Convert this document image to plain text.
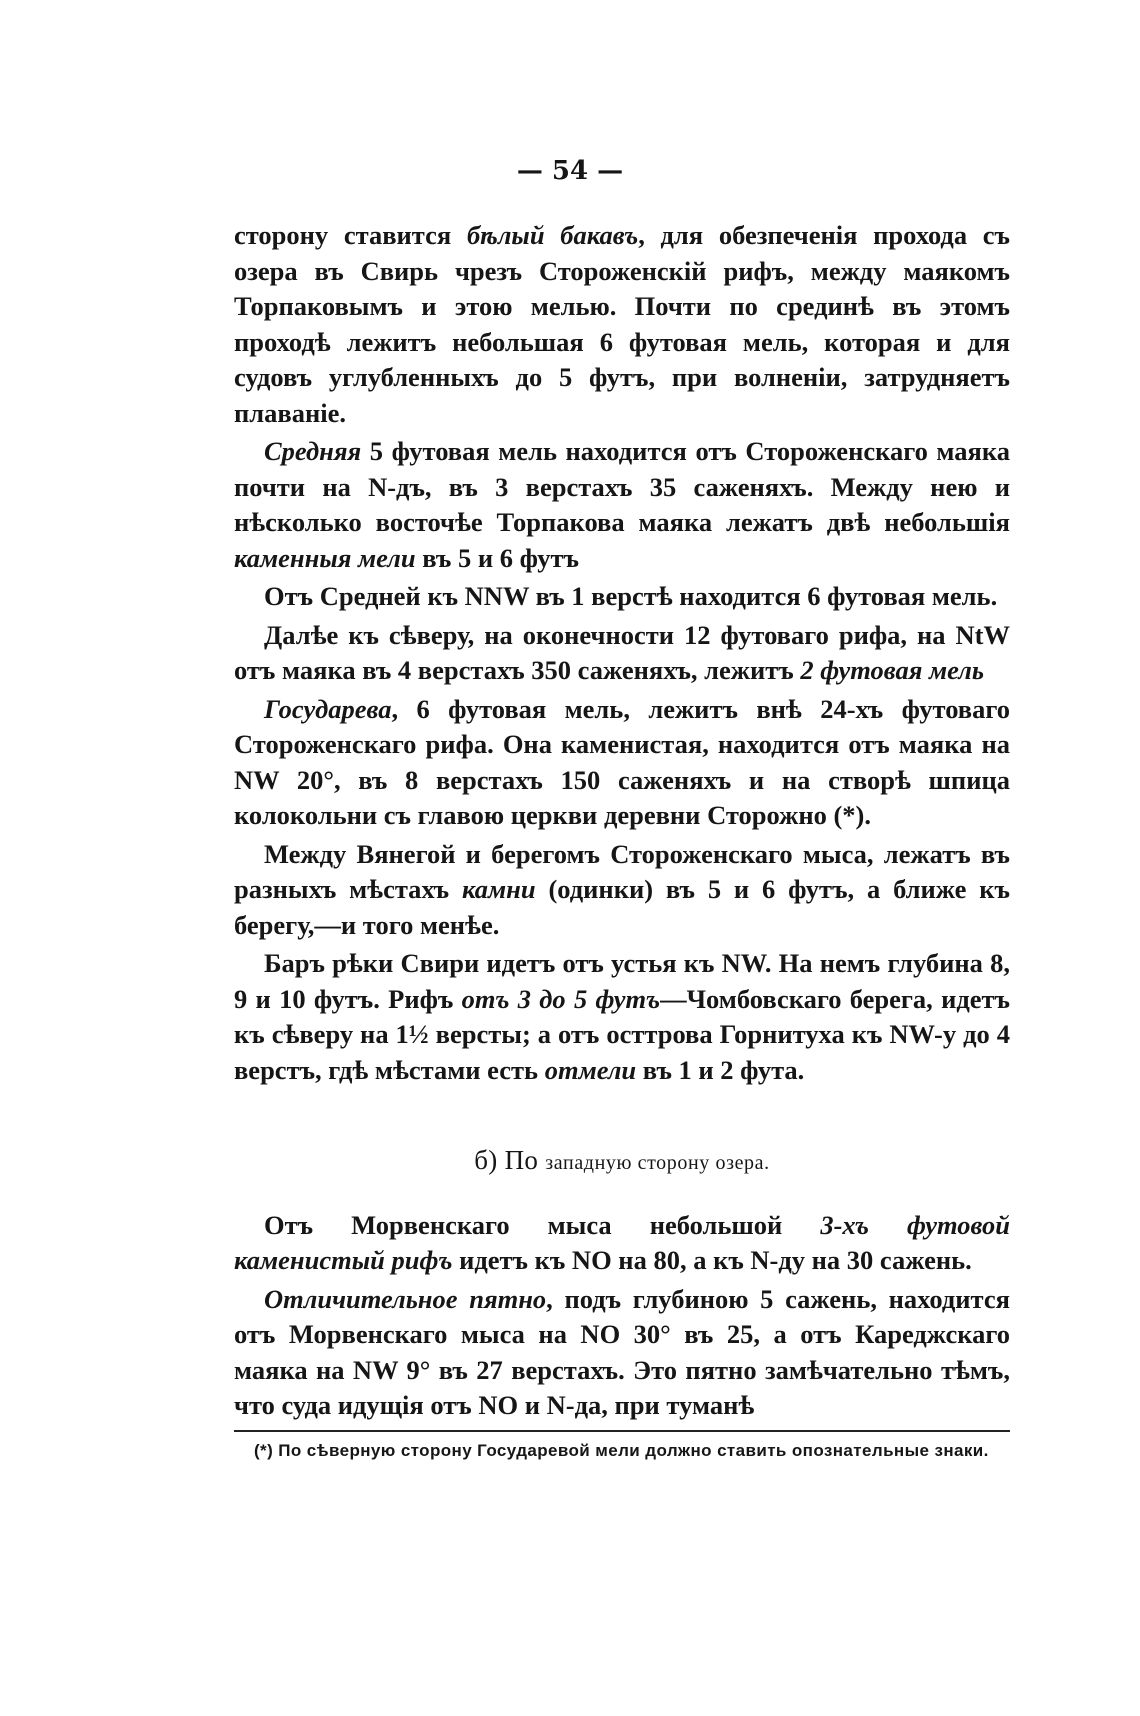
— 54 —

сторону ставится бѣлый бакавъ, для обезпеченія прохода съ озера въ Свирь чрезъ Стороженскій рифъ, между маякомъ Торпаковымъ и этою мелью. Почти по срединѣ въ этомъ проходѣ лежитъ небольшая 6 футовая мель, которая и для судовъ углубленныхъ до 5 футъ, при волненіи, затрудняетъ плаваніе.

Средняя 5 футовая мель находится отъ Стороженскаго маяка почти на N-дъ, въ 3 верстахъ 35 саженяхъ. Между нею и нѣсколько восточѣе Торпакова маяка лежатъ двѣ небольшія каменныя мели въ 5 и 6 футъ

Отъ Средней къ NNW въ 1 верстѣ находится 6 футовая мель.

Далѣе къ сѣверу, на оконечности 12 футоваго рифа, на NtW отъ маяка въ 4 верстахъ 350 саженяхъ, лежитъ 2 футовая мель

Государева, 6 футовая мель, лежитъ внѣ 24-хъ футоваго Стороженскаго рифа. Она каменистая, находится отъ маяка на NW 20°, въ 8 верстахъ 150 саженяхъ и на створѣ шпица колокольни съ главою церкви деревни Сторожно (*).

Между Вянегой и берегомъ Стороженскаго мыса, лежатъ въ разныхъ мѣстахъ камни (одинки) въ 5 и 6 футъ, а ближе къ берегу,—и того менѣе.

Баръ рѣки Свири идетъ отъ устья къ NW. На немъ глубина 8, 9 и 10 футъ. Рифъ отъ 3 до 5 футъ—Чомбовскаго берега, идетъ къ сѣверу на 1½ версты; а отъ осттрова Горнитуха къ NW-у до 4 верстъ, гдѣ мѣстами есть отмели въ 1 и 2 фута.

б) По западную сторону озера.

Отъ Морвенскаго мыса небольшой 3-хъ футовой каменистый рифъ идетъ къ NO на 80, а къ N-ду на 30 сажень.

Отличительное пятно, подъ глубиною 5 сажень, находится отъ Морвенскаго мыса на NO 30° въ 25, а отъ Кареджскаго маяка на NW 9° въ 27 верстахъ. Это пятно замѣчательно тѣмъ, что суда идущія отъ NO и N-да, при туманѣ

(*) По сѣверную сторону Государевой мели должно ставить опознательные знаки.
